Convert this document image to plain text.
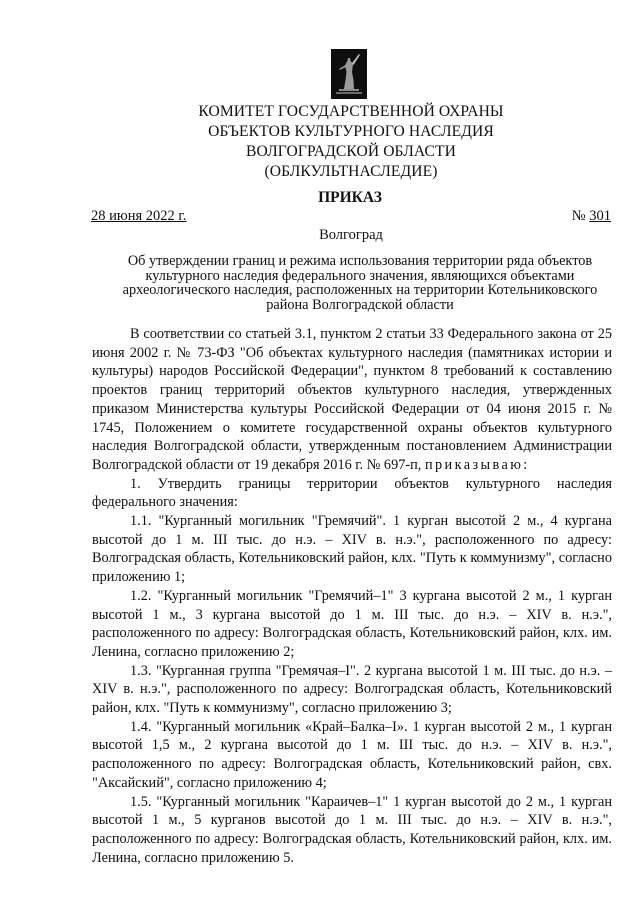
КОМИТЕТ ГОСУДАРСТВЕННОЙ ОХРАНЫ
ОБЪЕКТОВ КУЛЬТУРНОГО НАСЛЕДИЯ
ВОЛГОГРАДСКОЙ ОБЛАСТИ
(ОБЛКУЛЬТНАСЛЕДИЕ)
ПРИКАЗ
28 июня 2022 г.	№ 301
Волгоград
Об утверждении границ и режима использования территории ряда объектов культурного наследия федерального значения, являющихся объектами археологического наследия, расположенных на территории Котельниковского района Волгоградской области

В соответствии со статьей 3.1, пунктом 2 статьи 33 Федерального закона от 25 июня 2002 г. № 73-ФЗ "Об объектах культурного наследия (памятниках истории и культуры) народов Российской Федерации", пунктом 8 требований к составлению проектов границ территорий объектов культурного наследия, утвержденных приказом Министерства культуры Российской Федерации от 04 июня 2015 г. № 1745, Положением о комитете государственной охраны объектов культурного наследия Волгоградской области, утвержденным постановлением Администрации Волгоградской области от 19 декабря 2016 г. № 697-п, приказываю:

1. Утвердить границы территории объектов культурного наследия федерального значения:

1.1. "Курганный могильник "Гремячий". 1 курган высотой 2 м., 4 кургана высотой до 1 м. III тыс. до н.э. – XIV в. н.э.", расположенного по адресу: Волгоградская область, Котельниковский район, клх. "Путь к коммунизму", согласно приложению 1;

1.2. "Курганный могильник "Гремячий–1" 3 кургана высотой 2 м., 1 курган высотой 1 м., 3 кургана высотой до 1 м. III тыс. до н.э. – XIV в. н.э.", расположенного по адресу: Волгоградская область, Котельниковский район, клх. им. Ленина, согласно приложению 2;

1.3. "Курганная группа "Гремячая–I". 2 кургана высотой 1 м. III тыс. до н.э. – XIV в. н.э.", расположенного по адресу: Волгоградская область, Котельниковский район, клх. "Путь к коммунизму", согласно приложению 3;

1.4. "Курганный могильник «Край–Балка–I». 1 курган высотой 2 м., 1 курган высотой 1,5 м., 2 кургана высотой до 1 м. III тыс. до н.э. – XIV в. н.э.", расположенного по адресу: Волгоградская область, Котельниковский район, свх. "Аксайский", согласно приложению 4;

1.5. "Курганный могильник "Караичев–1" 1 курган высотой до 2 м., 1 курган высотой 1 м., 5 курганов высотой до 1 м. III тыс. до н.э. – XIV в. н.э.", расположенного по адресу: Волгоградская область, Котельниковский район, клх. им. Ленина, согласно приложению 5.
